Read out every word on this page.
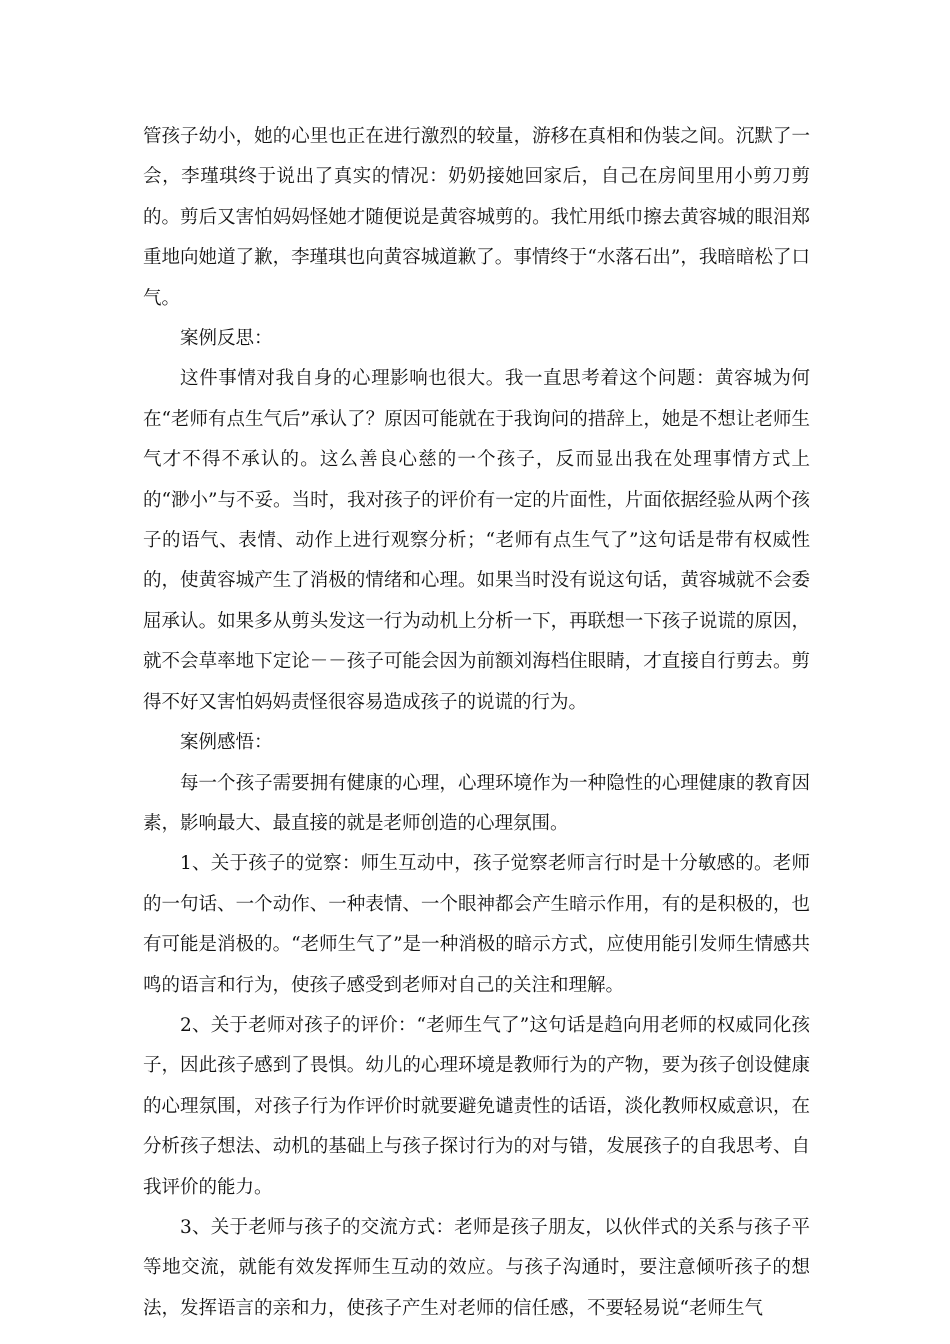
管孩子幼小，她的心里也正在进行激烈的较量，游移在真相和伪装之间。沉默了一会，李瑾琪终于说出了真实的情况：奶奶接她回家后，自己在房间里用小剪刀剪的。剪后又害怕妈妈怪她才随便说是黄容城剪的。我忙用纸巾擦去黄容城的眼泪郑重地向她道了歉，李瑾琪也向黄容城道歉了。事情终于“水落石出”，我暗暗松了口气。

案例反思：

这件事情对我自身的心理影响也很大。我一直思考着这个问题：黄容城为何在“老师有点生气后”承认了？原因可能就在于我询问的措辞上，她是不想让老师生气才不得不承认的。这么善良心慈的一个孩子，反而显出我在处理事情方式上的“渺小”与不妥。当时，我对孩子的评价有一定的片面性，片面依据经验从两个孩子的语气、表情、动作上进行观察分析；“老师有点生气了”这句话是带有权威性的，使黄容城产生了消极的情绪和心理。如果当时没有说这句话，黄容城就不会委屈承认。如果多从剪头发这一行为动机上分析一下，再联想一下孩子说谎的原因，就不会草率地下定论－－孩子可能会因为前额刘海档住眼睛，才直接自行剪去。剪得不好又害怕妈妈责怪很容易造成孩子的说谎的行为。

案例感悟：

每一个孩子需要拥有健康的心理，心理环境作为一种隐性的心理健康的教育因素，影响最大、最直接的就是老师创造的心理氛围。

1、关于孩子的觉察：师生互动中，孩子觉察老师言行时是十分敏感的。老师的一句话、一个动作、一种表情、一个眼神都会产生暗示作用，有的是积极的，也有可能是消极的。“老师生气了”是一种消极的暗示方式，应使用能引发师生情感共鸣的语言和行为，使孩子感受到老师对自己的关注和理解。

2、关于老师对孩子的评价：“老师生气了”这句话是趋向用老师的权威同化孩子，因此孩子感到了畏惧。幼儿的心理环境是教师行为的产物，要为孩子创设健康的心理氛围，对孩子行为作评价时就要避免谴责性的话语，淡化教师权威意识，在分析孩子想法、动机的基础上与孩子探讨行为的对与错，发展孩子的自我思考、自我评价的能力。

3、关于老师与孩子的交流方式：老师是孩子朋友，以伙伴式的关系与孩子平等地交流，就能有效发挥师生互动的效应。与孩子沟通时，要注意倾听孩子的想法，发挥语言的亲和力，使孩子产生对老师的信任感，不要轻易说“老师生气
